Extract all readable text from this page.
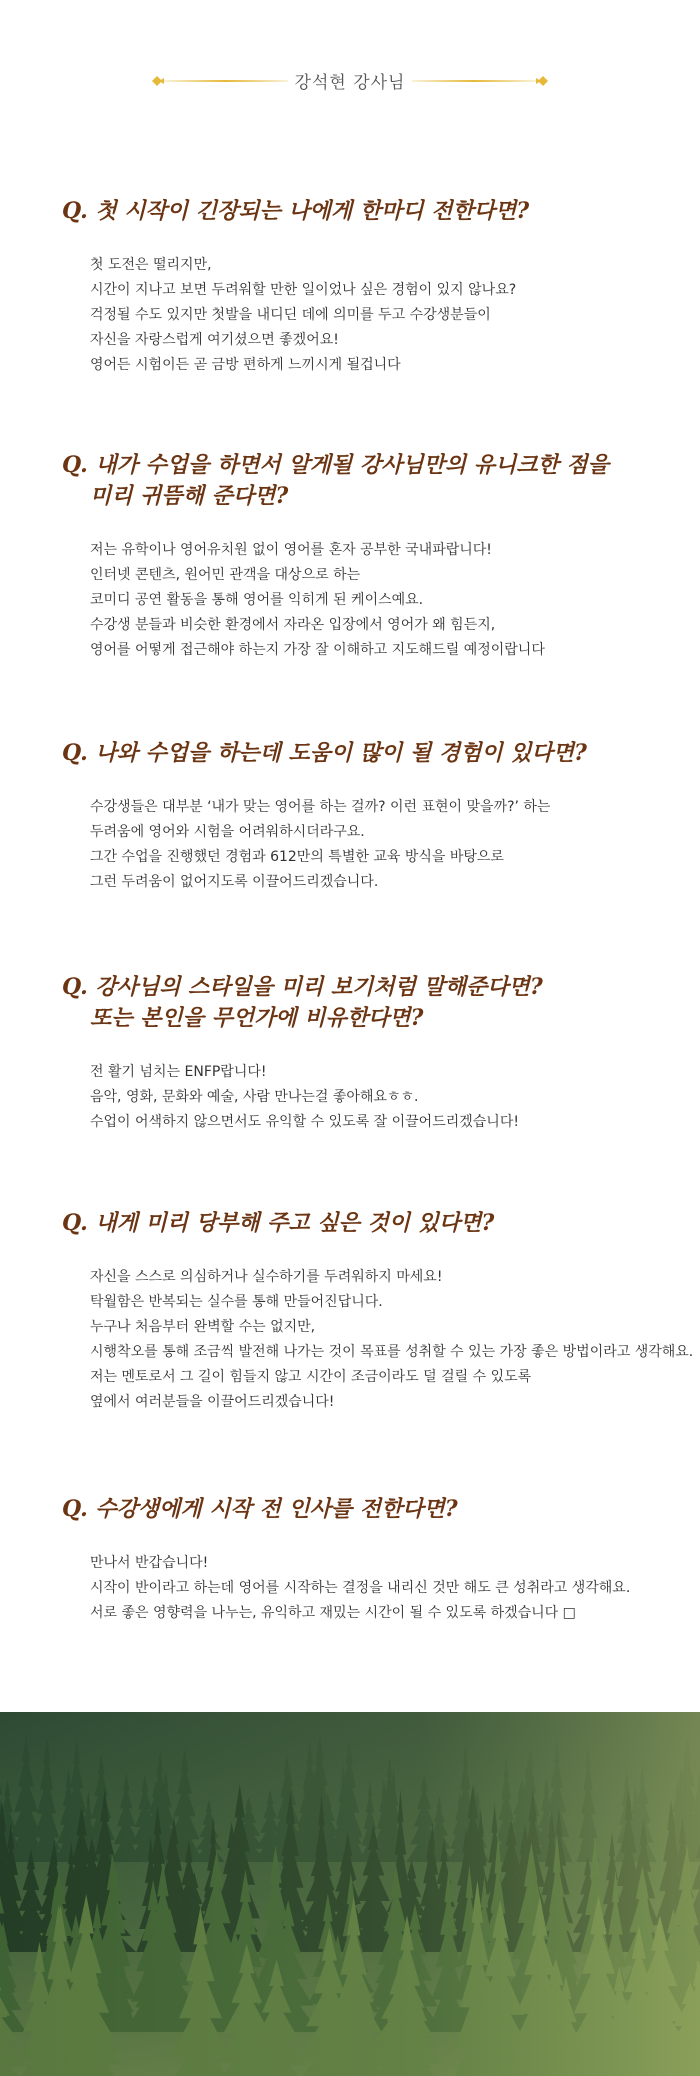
강석현 강사님
Q. 첫 시작이 긴장되는 나에게 한마디 전한다면?
첫 도전은 떨리지만,
시간이 지나고 보면 두려워할 만한 일이었나 싶은 경험이 있지 않나요?
걱정될 수도 있지만 첫발을 내디딘 데에 의미를 두고 수강생분들이
자신을 자랑스럽게 여기셨으면 좋겠어요!
영어든 시험이든 곧 금방 편하게 느끼시게 될겁니다
Q. 내가 수업을 하면서 알게될 강사님만의 유니크한 점을
미리 귀뜸해 준다면?
저는 유학이나 영어유치원 없이 영어를 혼자 공부한 국내파랍니다!
인터넷 콘텐츠, 원어민 관객을 대상으로 하는
코미디 공연 활동을 통해 영어를 익히게 된 케이스예요.
수강생 분들과 비슷한 환경에서 자라온 입장에서 영어가 왜 힘든지,
영어를 어떻게 접근해야 하는지 가장 잘 이해하고 지도해드릴 예정이랍니다
Q. 나와 수업을 하는데 도움이 많이 될 경험이 있다면?
수강생들은 대부분 ‘내가 맞는 영어를 하는 걸까? 이런 표현이 맞을까?’ 하는
두려움에 영어와 시험을 어려워하시더라구요.
그간 수업을 진행했던 경험과 612만의 특별한 교육 방식을 바탕으로
그런 두려움이 없어지도록 이끌어드리겠습니다.
Q. 강사님의 스타일을 미리 보기처럼 말해준다면?
또는 본인을 무언가에 비유한다면?
전 활기 넘치는 ENFP랍니다!
음악, 영화, 문화와 예술, 사람 만나는걸 좋아해요ㅎㅎ.
수업이 어색하지 않으면서도 유익할 수 있도록 잘 이끌어드리겠습니다!
Q. 내게 미리 당부해 주고 싶은 것이 있다면?
자신을 스스로 의심하거나 실수하기를 두려워하지 마세요!
탁월함은 반복되는 실수를 통해 만들어진답니다.
누구나 처음부터 완벽할 수는 없지만,
시행착오를 통해 조금씩 발전해 나가는 것이 목표를 성취할 수 있는 가장 좋은 방법이라고 생각해요.
저는 멘토로서 그 길이 힘들지 않고 시간이 조금이라도 덜 걸릴 수 있도록
옆에서 여러분들을 이끌어드리겠습니다!
Q. 수강생에게 시작 전 인사를 전한다면?
만나서 반갑습니다!
시작이 반이라고 하는데 영어를 시작하는 결정을 내리신 것만 해도 큰 성취라고 생각해요.
서로 좋은 영향력을 나누는, 유익하고 재밌는 시간이 될 수 있도록 하겠습니다 □
